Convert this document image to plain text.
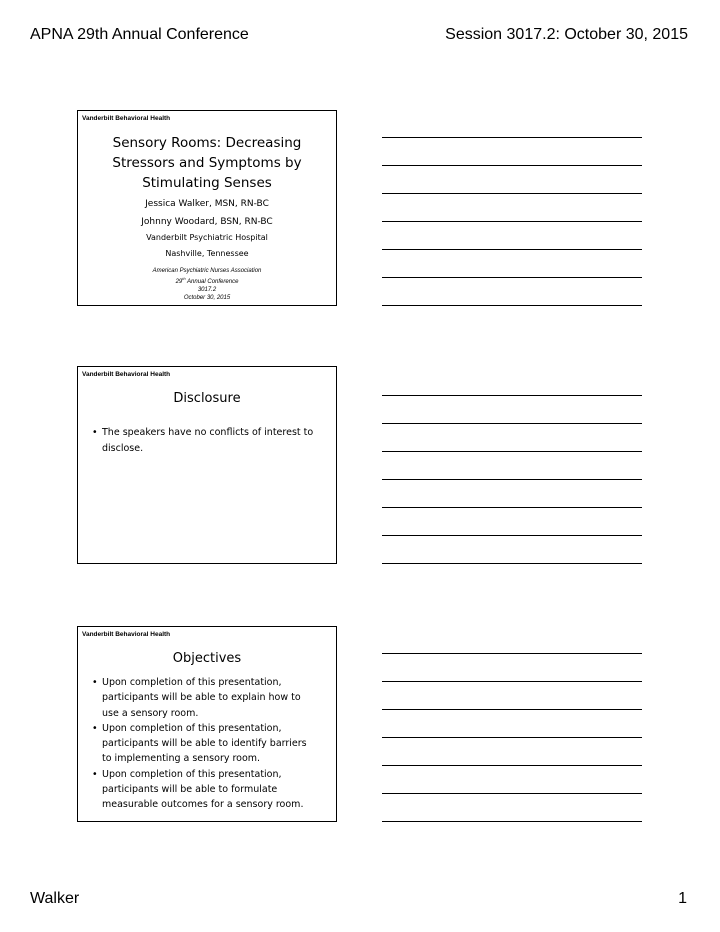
APNA 29th Annual Conference	Session 3017.2: October 30, 2015
Vanderbilt Behavioral Health
Sensory Rooms: Decreasing
Stressors and Symptoms by
Stimulating Senses
Jessica Walker, MSN, RN-BC
Johnny Woodard, BSN, RN-BC
Vanderbilt Psychiatric Hospital
Nashville, Tennessee
American Psychiatric Nurses Association
29th Annual Conference
3017.2
October 30, 2015
Vanderbilt Behavioral Health
Disclosure
• The speakers have no conflicts of interest to disclose.
Vanderbilt Behavioral Health
Objectives
• Upon completion of this presentation, participants will be able to explain how to use a sensory room.
• Upon completion of this presentation, participants will be able to identify barriers to implementing a sensory room.
• Upon completion of this presentation, participants will be able to formulate measurable outcomes for a sensory room.
Walker	1
